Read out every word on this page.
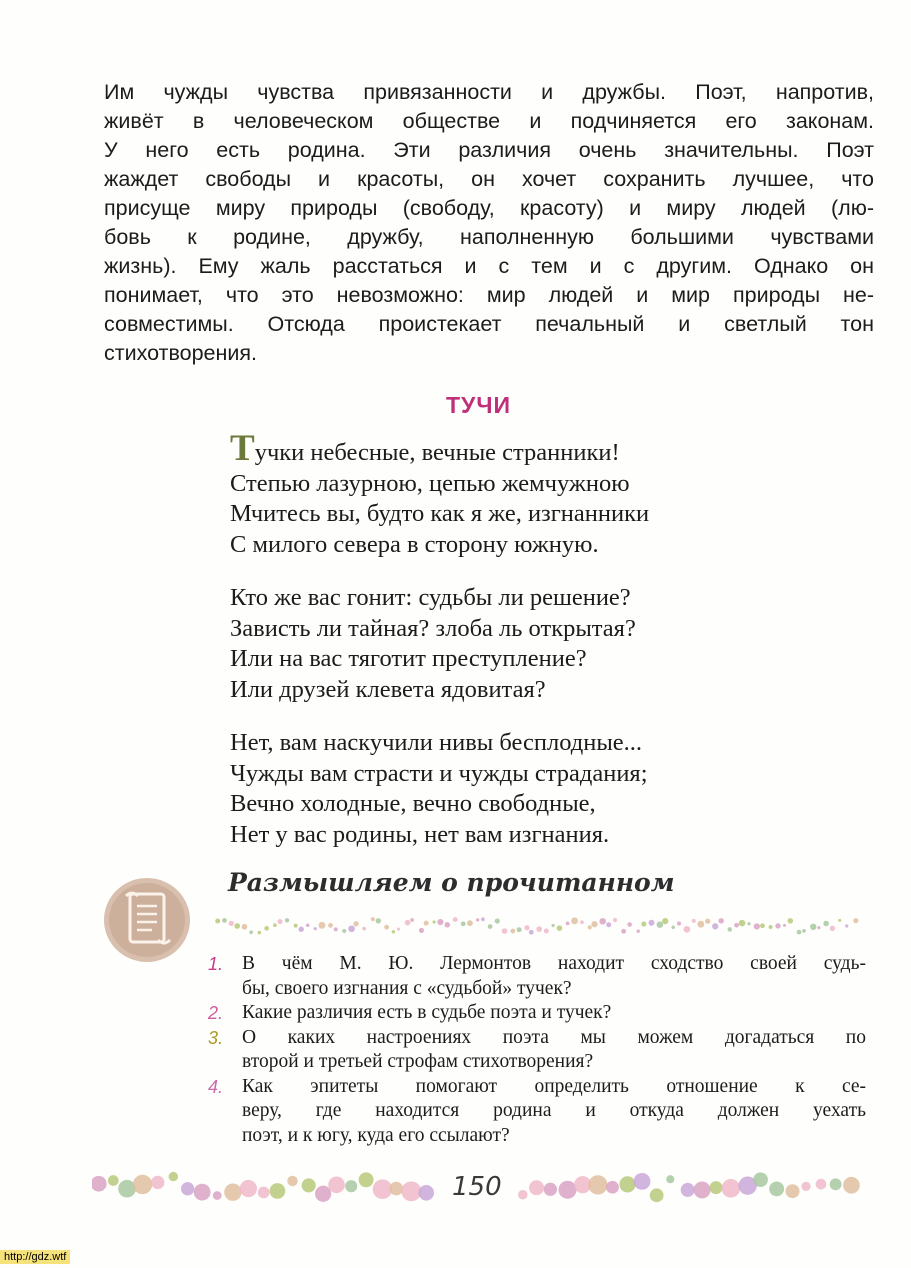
Им чужды чувства привязанности и дружбы. Поэт, напротив,
живёт в человеческом обществе и подчиняется его законам.
У него есть родина. Эти различия очень значительны. Поэт
жаждет свободы и красоты, он хочет сохранить лучшее, что
присуще миру природы (свободу, красоту) и миру людей (лю-
бовь к родине, дружбу, наполненную большими чувствами
жизнь). Ему жаль расстаться и с тем и с другим. Однако он
понимает, что это невозможно: мир людей и мир природы не-
совместимы. Отсюда проистекает печальный и светлый тон
стихотворения.
ТУЧИ
Тучки небесные, вечные странники!
Степью лазурною, цепью жемчужною
Мчитесь вы, будто как я же, изгнанники
С милого севера в сторону южную.
Кто же вас гонит: судьбы ли решение?
Зависть ли тайная? злоба ль открытая?
Или на вас тяготит преступление?
Или друзей клевета ядовитая?
Нет, вам наскучили нивы бесплодные...
Чужды вам страсти и чужды страдания;
Вечно холодные, вечно свободные,
Нет у вас родины, нет вам изгнания.
Размышляем о прочитанном
1. В чём М. Ю. Лермонтов находит сходство своей судь-
бы, своего изгнания с «судьбой» тучек?
2. Какие различия есть в судьбе поэта и тучек?
3. О каких настроениях поэта мы можем догадаться по
второй и третьей строфам стихотворения?
4. Как эпитеты помогают определить отношение к се-
веру, где находится родина и откуда должен уехать
поэт, и к югу, куда его ссылают?
150
http://gdz.wtf
